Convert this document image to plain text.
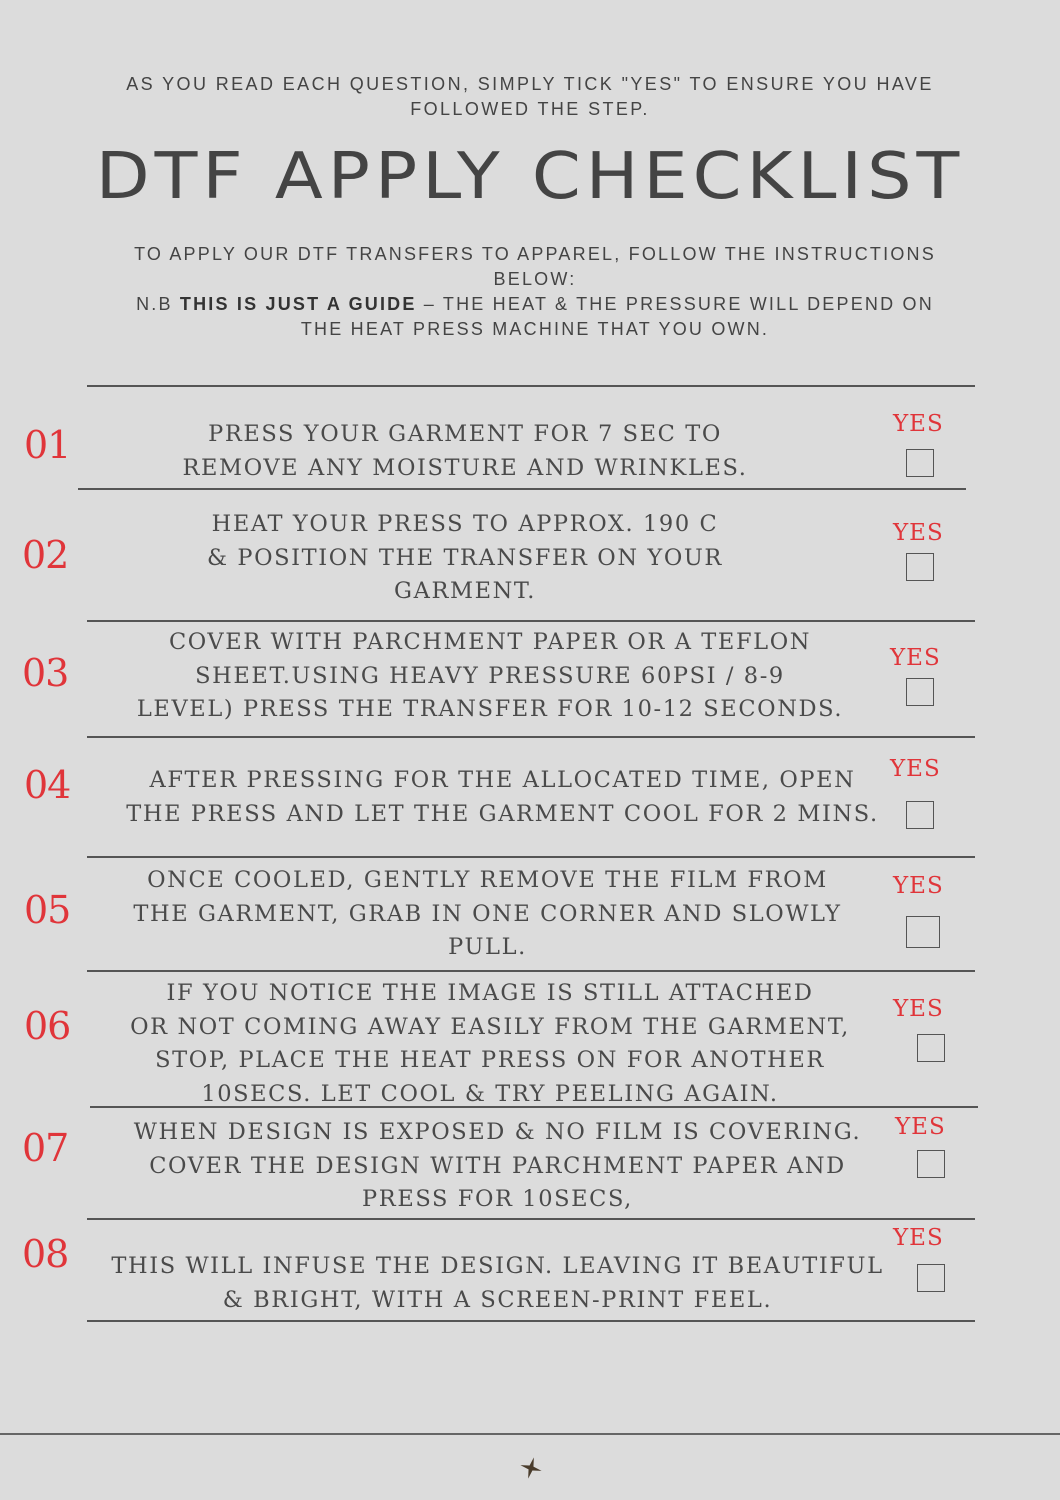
AS YOU READ EACH QUESTION, SIMPLY TICK "YES" TO ENSURE YOU HAVE
FOLLOWED THE STEP.
DTF APPLY CHECKLIST
TO APPLY OUR DTF TRANSFERS TO APPAREL, FOLLOW THE INSTRUCTIONS
BELOW:
N.B THIS IS JUST A GUIDE – THE HEAT & THE PRESSURE WILL DEPEND ON
THE HEAT PRESS MACHINE THAT YOU OWN.
01	PRESS YOUR GARMENT FOR 7 SEC TO
REMOVE ANY MOISTURE AND WRINKLES.
YES
02
HEAT YOUR PRESS TO APPROX. 190 C
& POSITION THE TRANSFER ON YOUR
GARMENT.
YES
03
COVER WITH PARCHMENT PAPER OR A TEFLON
SHEET.USING HEAVY PRESSURE 60PSI / 8-9
LEVEL) PRESS THE TRANSFER FOR 10-12 SECONDS.
YES
04	AFTER PRESSING FOR THE ALLOCATED TIME, OPEN
THE PRESS AND LET THE GARMENT COOL FOR 2 MINS.
YES
05
ONCE COOLED, GENTLY REMOVE THE FILM FROM
THE GARMENT, GRAB IN ONE CORNER AND SLOWLY
PULL.
YES
06
IF YOU NOTICE THE IMAGE IS STILL ATTACHED
OR NOT COMING AWAY EASILY FROM THE GARMENT,
STOP, PLACE THE HEAT PRESS ON FOR ANOTHER
10SECS. LET COOL & TRY PEELING AGAIN.
YES
07	WHEN DESIGN IS EXPOSED & NO FILM IS COVERING.
COVER THE DESIGN WITH PARCHMENT PAPER AND
PRESS FOR 10SECS,
YES
08	THIS WILL INFUSE THE DESIGN. LEAVING IT BEAUTIFUL
& BRIGHT, WITH A SCREEN-PRINT FEEL.
YES
